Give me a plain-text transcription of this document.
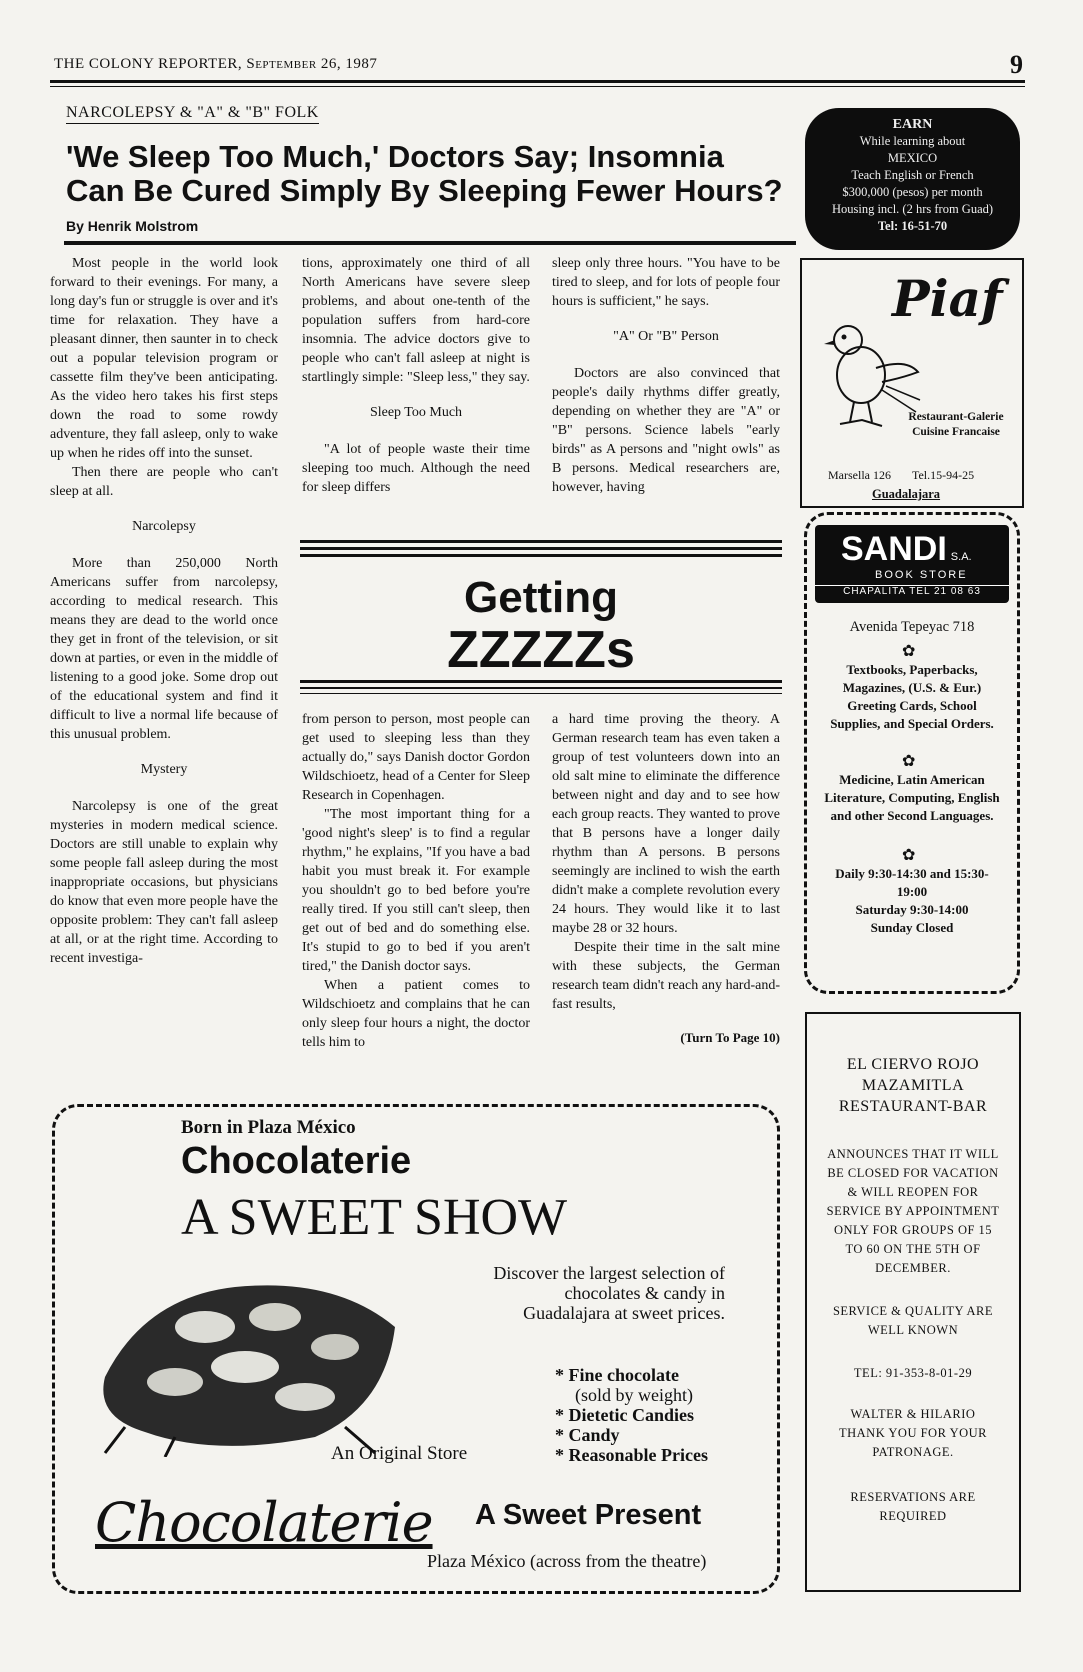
THE COLONY REPORTER, September 26, 1987	9
NARCOLEPSY & "A" & "B" FOLK
'We Sleep Too Much,' Doctors Say; Insomnia Can Be Cured Simply By Sleeping Fewer Hours?
By Henrik Molstrom

Most people in the world look forward to their evenings. For many, a long day's fun or struggle is over and it's time for relaxation. They have a pleasant dinner, then saunter in to check out a popular television program or cassette film they've been anticipating. As the video hero takes his first steps down the road to some rowdy adventure, they fall asleep, only to wake up when he rides off into the sunset.

Then there are people who can't sleep at all.

Narcolepsy

More than 250,000 North Americans suffer from narcolepsy, according to medical research. This means they are dead to the world once they get in front of the television, or sit down at parties, or even in the middle of listening to a good joke. Some drop out of the educational system and find it difficult to live a normal life because of this unusual problem.

Mystery

Narcolepsy is one of the great mysteries in modern medical science. Doctors are still unable to explain why some people fall asleep during the most inappropriate occasions, but physicians do know that even more people have the opposite problem: They can't fall asleep at all, or at the right time. According to recent investiga-

tions, approximately one third of all North Americans have severe sleep problems, and about one-tenth of the population suffers from hard-core insomnia. The advice doctors give to people who can't fall asleep at night is startlingly simple: "Sleep less," they say.

Sleep Too Much

"A lot of people waste their time sleeping too much. Although the need for sleep differs

sleep only three hours. "You have to be tired to sleep, and for lots of people four hours is sufficient," he says.

"A" Or "B" Person

Doctors are also convinced that people's daily rhythms differ greatly, depending on whether they are "A" or "B" persons. Science labels "early birds" as A persons and "night owls" as B persons. Medical researchers are, however, having

Getting
ZZZZZs

from person to person, most people can get used to sleeping less than they actually do," says Danish doctor Gordon Wildschioetz, head of a Center for Sleep Research in Copenhagen.

"The most important thing for a 'good night's sleep' is to find a regular rhythm," he explains, "If you have a bad habit you must break it. For example you shouldn't go to bed before you're really tired. If you still can't sleep, then get out of bed and do something else. It's stupid to go to bed if you aren't tired," the Danish doctor says.

When a patient comes to Wildschioetz and complains that he can only sleep four hours a night, the doctor tells him to

a hard time proving the theory. A German research team has even taken a group of test volunteers down into an old salt mine to eliminate the difference between night and day and to see how each group reacts. They wanted to prove that B persons have a longer daily rhythm than A persons. B persons seemingly are inclined to wish the earth didn't make a complete revolution every 24 hours. They would like it to last maybe 28 or 32 hours.

Despite their time in the salt mine with these subjects, the German research team didn't reach any hard-and-fast results,

(Turn To Page 10)

EARN
While learning about
MEXICO
Teach English or French
$300,000 (pesos) per month
Housing incl. (2 hrs from Guad)
Tel: 16-51-70
Piaf
Restaurant-Galerie
Cuisine Francaise
Marsella 126 Tel.15-94-25
Guadalajara
SANDI S.A.
BOOK STORE
CHAPALITA TEL 21 08 63
Avenida Tepeyac 718
✿
Textbooks, Paperbacks, Magazines, (U.S. & Eur.) Greeting Cards, School Supplies, and Special Orders.
✿
Medicine, Latin American Literature, Computing, English and other Second Languages.
✿
Daily 9:30-14:30 and 15:30-19:00
Saturday 9:30-14:00
Sunday Closed
EL CIERVO ROJO MAZAMITLA RESTAURANT-BAR
ANNOUNCES THAT IT WILL BE CLOSED FOR VACATION & WILL REOPEN FOR SERVICE BY APPOINTMENT ONLY FOR GROUPS OF 15 TO 60 ON THE 5TH OF DECEMBER.
SERVICE & QUALITY ARE WELL KNOWN
TEL: 91-353-8-01-29
WALTER & HILARIO THANK YOU FOR YOUR PATRONAGE.
RESERVATIONS ARE REQUIRED
Born in Plaza México
Chocolaterie
A SWEET SHOW
Discover the largest selection of chocolates & candy in Guadalajara at sweet prices.
* Fine chocolate
(sold by weight)
* Dietetic Candies
* Candy
* Reasonable Prices
An Original Store
Chocolaterie A Sweet Present
Plaza México (across from the theatre)
